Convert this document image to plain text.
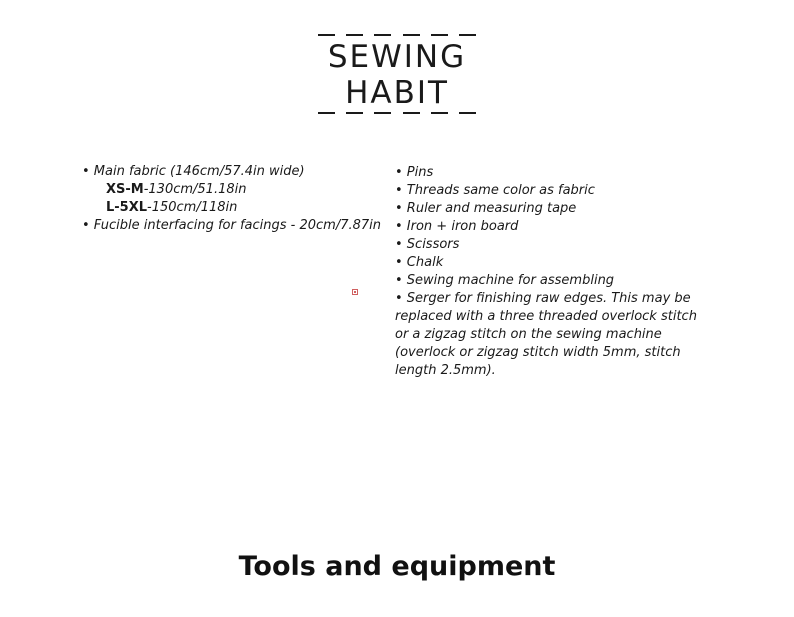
SEWING
HABIT
• Main fabric (146cm/57.4in wide)
XS-M-130cm/51.18in
L-5XL-150cm/118in
• Fucible interfacing for facings - 20cm/7.87in
• Pins
• Threads same color as fabric
• Ruler and measuring tape
• Iron + iron board
• Scissors
• Chalk
• Sewing machine for assembling
• Serger for finishing raw edges. This may be replaced with a three threaded overlock stitch or a zigzag stitch on the sewing machine (overlock or zigzag stitch width 5mm, stitch length 2.5mm).
Tools and equipment
